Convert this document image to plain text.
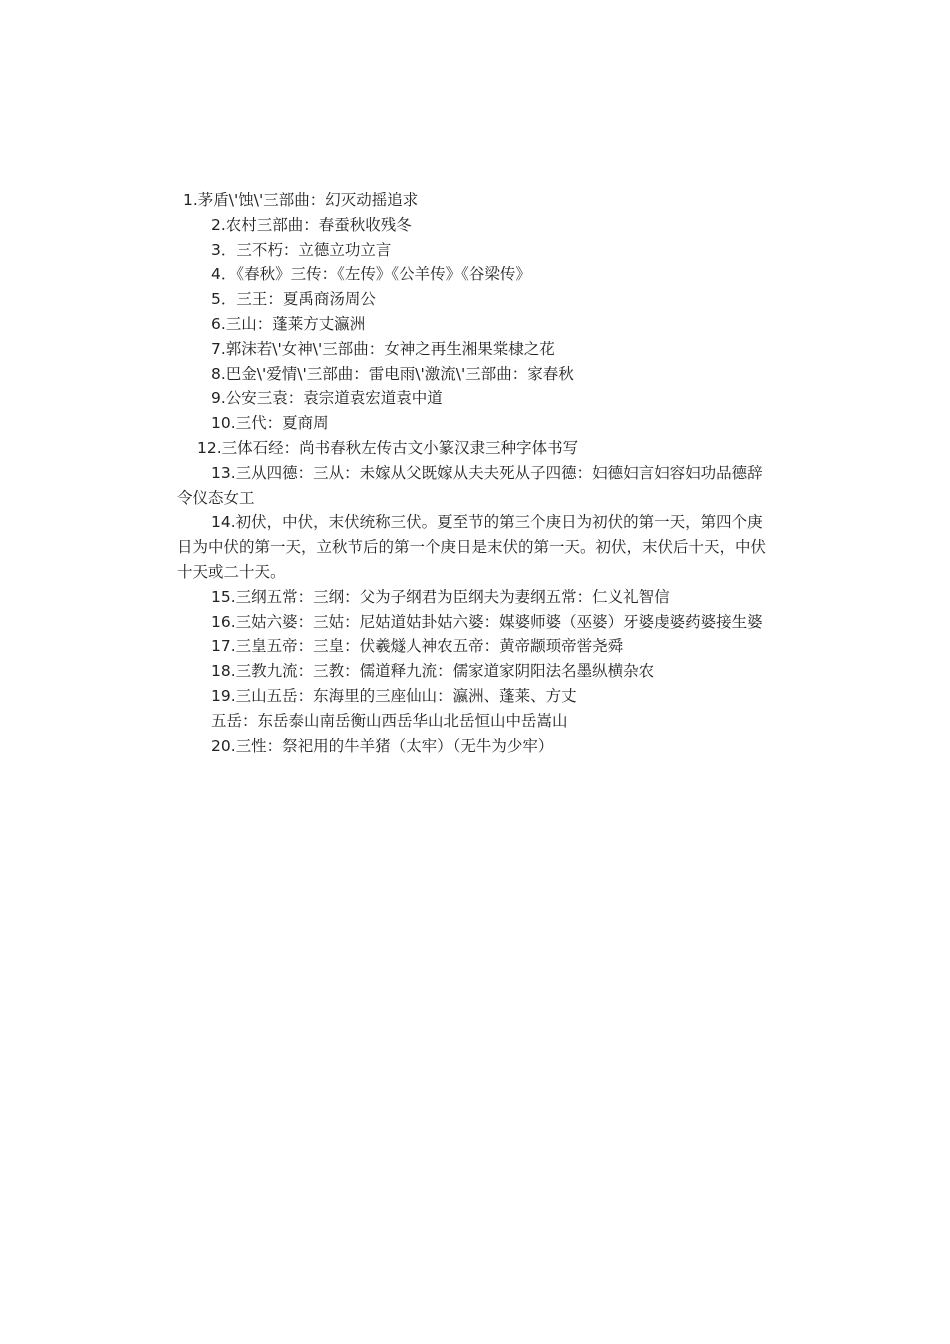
1.茅盾\'蚀\'三部曲：幻灭动摇追求
2.农村三部曲：春蚕秋收残冬
3．三不朽：立德立功立言
4．《春秋》三传：《左传》《公羊传》《谷梁传》
5．三王：夏禹商汤周公
6.三山：蓬莱方丈瀛洲
7.郭沫若\'女神\'三部曲：女神之再生湘果棠棣之花
8.巴金\'爱情\'三部曲：雷电雨\'激流\'三部曲：家春秋
9.公安三袁：袁宗道袁宏道袁中道
10.三代：夏商周
12.三体石经：尚书春秋左传古文小篆汉隶三种字体书写
13.三从四德：三从：未嫁从父既嫁从夫夫死从子四德：妇德妇言妇容妇功品德辞令仪态女工
14.初伏，中伏，末伏统称三伏。夏至节的第三个庚日为初伏的第一天，第四个庚日为中伏的第一天，立秋节后的第一个庚日是末伏的第一天。初伏，末伏后十天，中伏十天或二十天。
15.三纲五常：三纲：父为子纲君为臣纲夫为妻纲五常：仁义礼智信
16.三姑六婆：三姑：尼姑道姑卦姑六婆：媒婆师婆（巫婆）牙婆虔婆药婆接生婆
17.三皇五帝：三皇：伏羲燧人神农五帝：黄帝颛顼帝喾尧舜
18.三教九流：三教：儒道释九流：儒家道家阴阳法名墨纵横杂农
19.三山五岳：东海里的三座仙山：瀛洲、蓬莱、方丈
五岳：东岳泰山南岳衡山西岳华山北岳恒山中岳嵩山
20.三性：祭祀用的牛羊猪（太牢）（无牛为少牢）
